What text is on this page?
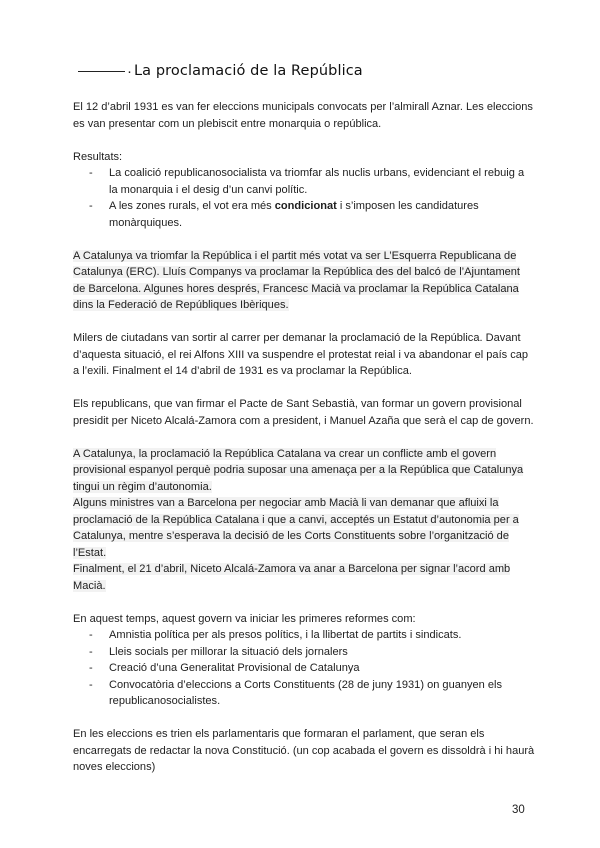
· La proclamació de la República

El 12 d’abril 1931 es van fer eleccions municipals convocats per l’almirall Aznar. Les eleccions es van presentar com un plebiscit entre monarquia o república.

Resultats:

- La coalició republicanosocialista va triomfar als nuclis urbans, evidenciant el rebuig a la monarquia i el desig d’un canvi polític.
- A les zones rurals, el vot era més condicionat i s’imposen les candidatures monàrquiques.

A Catalunya va triomfar la República i el partit més votat va ser L’Esquerra Republicana de Catalunya (ERC). Lluís Companys va proclamar la República des del balcó de l’Ajuntament de Barcelona. Algunes hores després, Francesc Macià va proclamar la República Catalana dins la Federació de Repúbliques Ibèriques.

Milers de ciutadans van sortir al carrer per demanar la proclamació de la República. Davant d’aquesta situació, el rei Alfons XIII va suspendre el protestat reial i va abandonar el país cap a l’exili. Finalment el 14 d’abril de 1931 es va proclamar la República.

Els republicans, que van firmar el Pacte de Sant Sebastià, van formar un govern provisional presidit per Niceto Alcalá-Zamora com a president, i Manuel Azaña que serà el cap de govern.

A Catalunya, la proclamació la República Catalana va crear un conflicte amb el govern provisional espanyol perquè podria suposar una amenaça per a la República que Catalunya tingui un règim d’autonomia.

Alguns ministres van a Barcelona per negociar amb Macià li van demanar que afluixi la proclamació de la República Catalana i que a canvi, acceptés un Estatut d’autonomia per a Catalunya, mentre s’esperava la decisió de les Corts Constituents sobre l’organització de l’Estat.

Finalment, el 21 d’abril, Niceto Alcalá-Zamora va anar a Barcelona per signar l’acord amb Macià.

En aquest temps, aquest govern va iniciar les primeres reformes com:

- Amnistia política per als presos polítics, i la llibertat de partits i sindicats.
- Lleis socials per millorar la situació dels jornalers
- Creació d’una Generalitat Provisional de Catalunya
- Convocatòria d’eleccions a Corts Constituents (28 de juny 1931) on guanyen els republicanosocialistes.

En les eleccions es trien els parlamentaris que formaran el parlament, que seran els encarregats de redactar la nova Constitució. (un cop acabada el govern es dissoldrà i hi haurà noves eleccions)

30
